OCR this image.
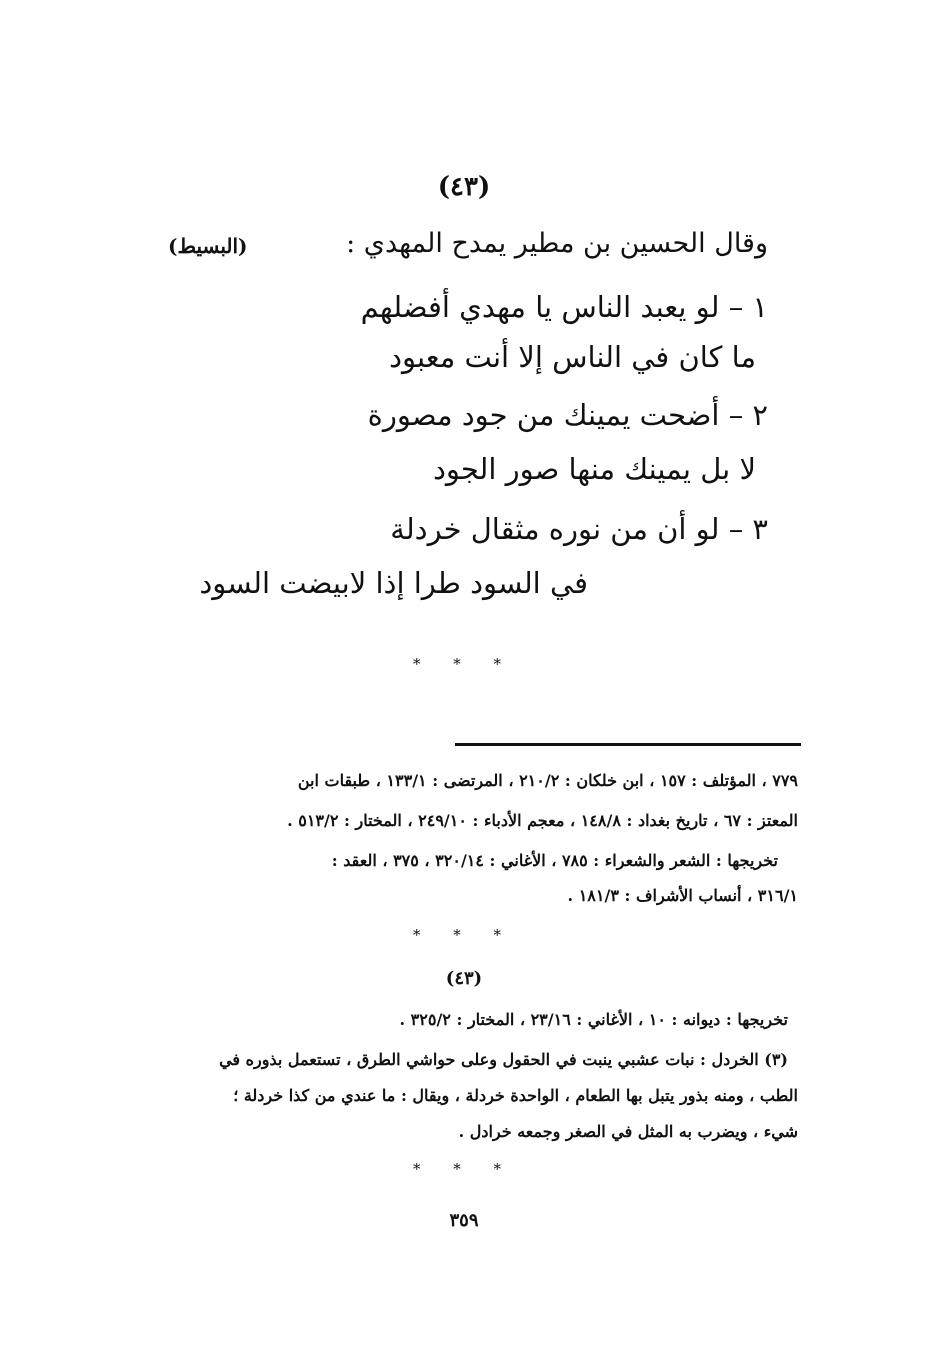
(٤٣)
وقال الحسين بن مطير يمدح المهدي :
(البسيط)
١ – لو يعبد الناس يا مهدي أفضلهم
ما كان في الناس إلا أنت معبود
٢ – أضحت يمينك من جود مصورة
لا بل يمينك منها صور الجود
٣ – لو أن من نوره مثقال خردلة
في السود طرا إذا لابيضت السود
* * *
٧٧٩ ، المؤتلف : ١٥٧ ، ابن خلكان : ٢١٠/٢ ، المرتضى : ١٣٣/١ ، طبقات ابن
المعتز : ٦٧ ، تاريخ بغداد : ١٤٨/٨ ، معجم الأدباء : ٢٤٩/١٠ ، المختار : ٥١٣/٢ .
تخريجها : الشعر والشعراء : ٧٨٥ ، الأغاني : ٣٢٠/١٤ ، ٣٧٥ ، العقد :
٣١٦/١ ، أنساب الأشراف : ١٨١/٣ .
* * *
(٤٣)
تخريجها : ديوانه : ١٠ ، الأغاني : ٢٣/١٦ ، المختار : ٣٢٥/٢ .
(٣) الخردل : نبات عشبي ينبت في الحقول وعلى حواشي الطرق ، تستعمل بذوره في
الطب ، ومنه بذور يتبل بها الطعام ، الواحدة خردلة ، ويقال : ما عندي من كذا خردلة ؛
شيء ، ويضرب به المثل في الصغر وجمعه خرادل .
* * *
٣٥٩
